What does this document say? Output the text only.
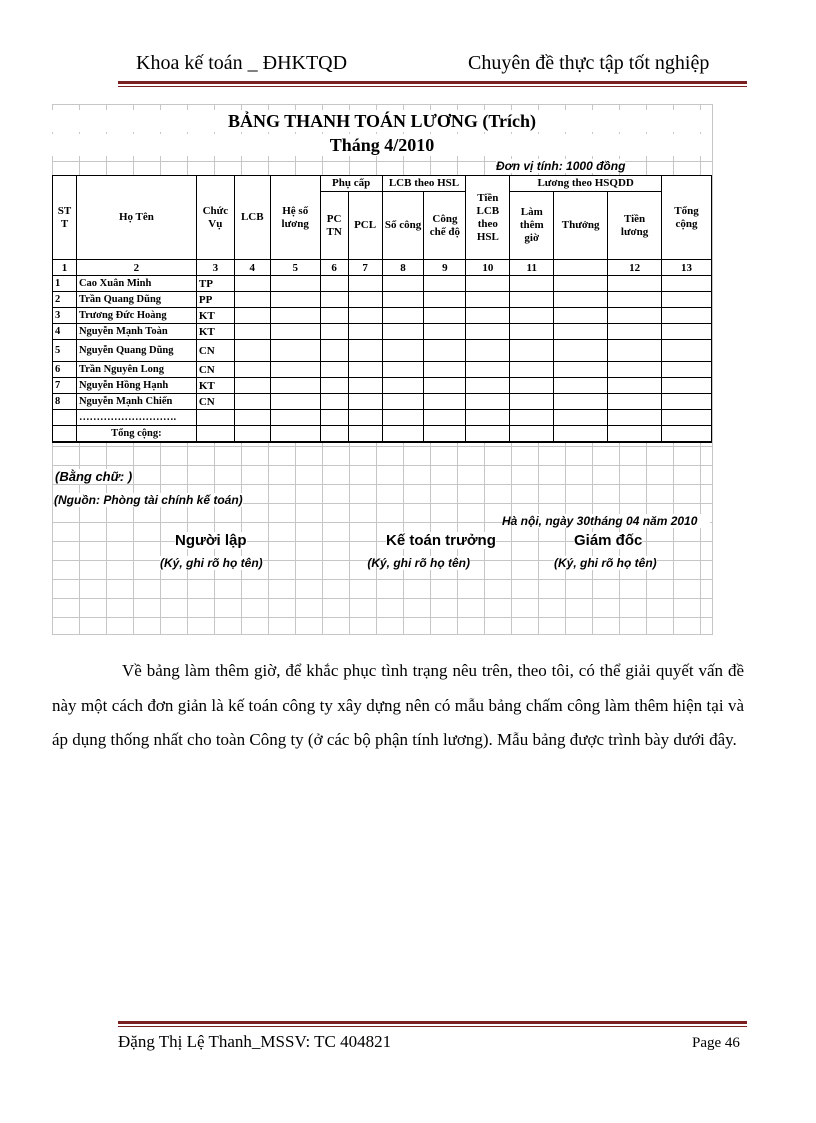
Khoa kế toán _ ĐHKTQD	Chuyên đề thực tập tốt nghiệp
BẢNG THANH TOÁN LƯƠNG (Trích)
Tháng 4/2010
Đơn vị tính: 1000 đồng
ST T	Họ Tên	Chức Vụ	LCB	Hệ số lương	Phụ cấp		LCB theo HSL		Tiền LCB theo HSL	Lương theo HSQDD			Tổng cộng
					PC TN	PCL	Số công	Công chế độ		Làm thêm giờ	Thưởng	Tiền lương	
1	2	3	4	5	6	7	8	9	10	11		12	13
1	Cao Xuân Minh	TP											
2	Trần Quang Dũng	PP											
3	Trương Đức Hoàng	KT											
4	Nguyễn Mạnh Toàn	KT											
5	Nguyễn Quang Dũng	CN											
6	Trần Nguyên Long	CN											
7	Nguyễn Hồng Hạnh	KT											
8	Nguyễn Mạnh Chiến	CN											
	……………………….												
	Tổng cộng:												
(Bằng chữ: )
(Nguồn: Phòng tài chính kế toán)
Hà nội, ngày 30tháng 04 năm 2010
Người lập	Kế toán trưởng	Giám đốc
(Ký, ghi rõ họ tên)	(Ký, ghi rõ họ tên)	(Ký, ghi rõ họ tên)
Về bảng làm thêm giờ, để khắc phục tình trạng nêu trên, theo tôi, có thể giải quyết vấn đề này một cách đơn giản là kế toán công ty xây dựng nên có mẫu bảng chấm công làm thêm hiện tại và áp dụng thống nhất cho toàn Công ty (ở các bộ phận tính lương). Mẫu bảng được trình bày dưới đây.
Đặng Thị Lệ Thanh_MSSV: TC 404821	Page 46
